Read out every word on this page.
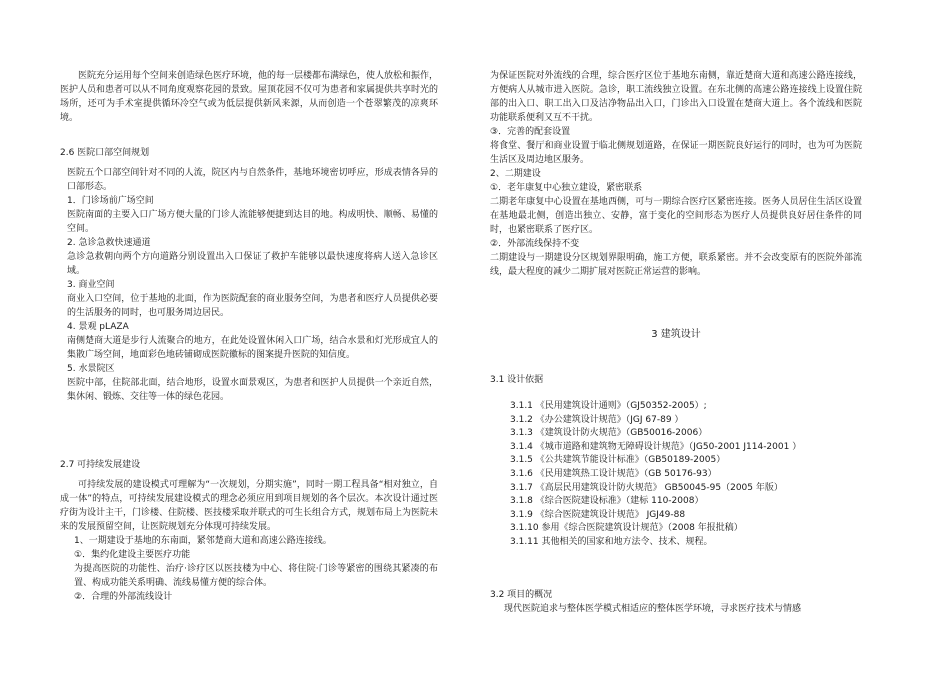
医院充分运用每个空间来创造绿色医疗环境，他的每一层楼都布满绿色，使人放松和振作，医护人员和患者可以从不同角度观察花园的景致。屋顶花园不仅可为患者和家属提供共享时光的场所，还可为手术室提供循环冷空气或为低层提供新风来源，从而创造一个苍翠繁茂的凉爽环境。

2.6 医院口部空间规划

医院五个口部空间针对不同的人流，院区内与自然条件，基地环境密切呼应，形成表情各异的口部形态。

1．门诊场前广场空间

医院南面的主要入口广场方便大量的门诊人流能够便捷到达目的地。构成明快、顺畅、易懂的空间。

2. 急诊急救快速通道

急诊急救朝向两个方向道路分别设置出入口保证了救护车能够以最快速度将病人送入急诊区域。

3. 商业空间

商业入口空间，位于基地的北面，作为医院配套的商业服务空间，为患者和医疗人员提供必要的生活服务的同时，也可服务周边居民。

4. 景观 pLAZA

南侧楚商大道是步行人流聚合的地方，在此处设置休闲入口广场，结合水景和灯光形成宜人的集散广场空间，地面彩色地砖铺砌成医院徽标的图案提升医院的知信度。

5. 水景院区

医院中部，住院部北面，结合地形，设置水面景观区，为患者和医护人员提供一个亲近自然，集休闲、锻炼、交往等一体的绿色花园。

2.7 可持续发展建设

可持续发展的建设模式可理解为“一次规划，分期实施”，同时一期工程具备“相对独立，自成一体”的特点，可持续发展建设模式的理念必须应用到项目规划的各个层次。本次设计通过医疗街为设计主干，门诊楼、住院楼、医技楼采取并联式的可生长组合方式，规划布局上为医院未来的发展预留空间，让医院规划充分体现可持续发展。

1、一期建设于基地的东南面，紧邻楚商大道和高速公路连接线。

①．集约化建设主要医疗功能

为提高医院的功能性、治疗·诊疗区以医技楼为中心、将住院·门诊等紧密的围绕其紧凑的布置、构成功能关系明确、流线易懂方便的综合体。

②．合理的外部流线设计

为保证医院对外流线的合理，综合医疗区位于基地东南侧，靠近楚商大道和高速公路连接线，方便病人从城市进入医院。急诊，职工流线独立设置。在东北侧的高速公路连接线上设置住院部的出入口、职工出入口及洁净物品出入口，门诊出入口设置在楚商大道上。各个流线和医院功能联系便利又互不干扰。

③．完善的配套设置

将食堂、餐厅和商业设置于临北侧规划道路，在保证一期医院良好运行的同时，也为可为医院生活区及周边地区服务。

2、二期建设

①．老年康复中心独立建设，紧密联系

二期老年康复中心设置在基地西侧，可与一期综合医疗区紧密连接。医务人员居住生活区设置在基地最北侧，创造出独立、安静，富于变化的空间形态为医疗人员提供良好居住条件的同时，也紧密联系了医疗区。

②．外部流线保持不变

二期建设与一期建设分区规划界限明确，施工方便，联系紧密。并不会改变原有的医院外部流线，最大程度的减少二期扩展对医院正常运营的影响。

3 建筑设计

3.1 设计依据

3.1.1 《民用建筑设计通则》（GJ50352-2005）;

3.1.2 《办公建筑设计规范》（JGJ 67-89 ）

3.1.3 《建筑设计防火规范》（GB50016-2006）

3.1.4 《城市道路和建筑物无障碍设计规范》（JG50-2001 J114-2001 ）

3.1.5 《公共建筑节能设计标准》（GB50189-2005）

3.1.6 《民用建筑热工设计规范》（GB 50176-93）

3.1.7 《高层民用建筑设计防火规范》 GB50045-95（2005 年版）

3.1.8 《综合医院建设标准》（建标 110-2008）

3.1.9 《综合医院建筑设计规范》 JGJ49-88

3.1.10 参用《综合医院建筑设计规范》（2008 年报批稿）

3.1.11 其他相关的国家和地方法令、技术、规程。

3.2 项目的概况

现代医院追求与整体医学模式相适应的整体医学环境，寻求医疗技术与情感
